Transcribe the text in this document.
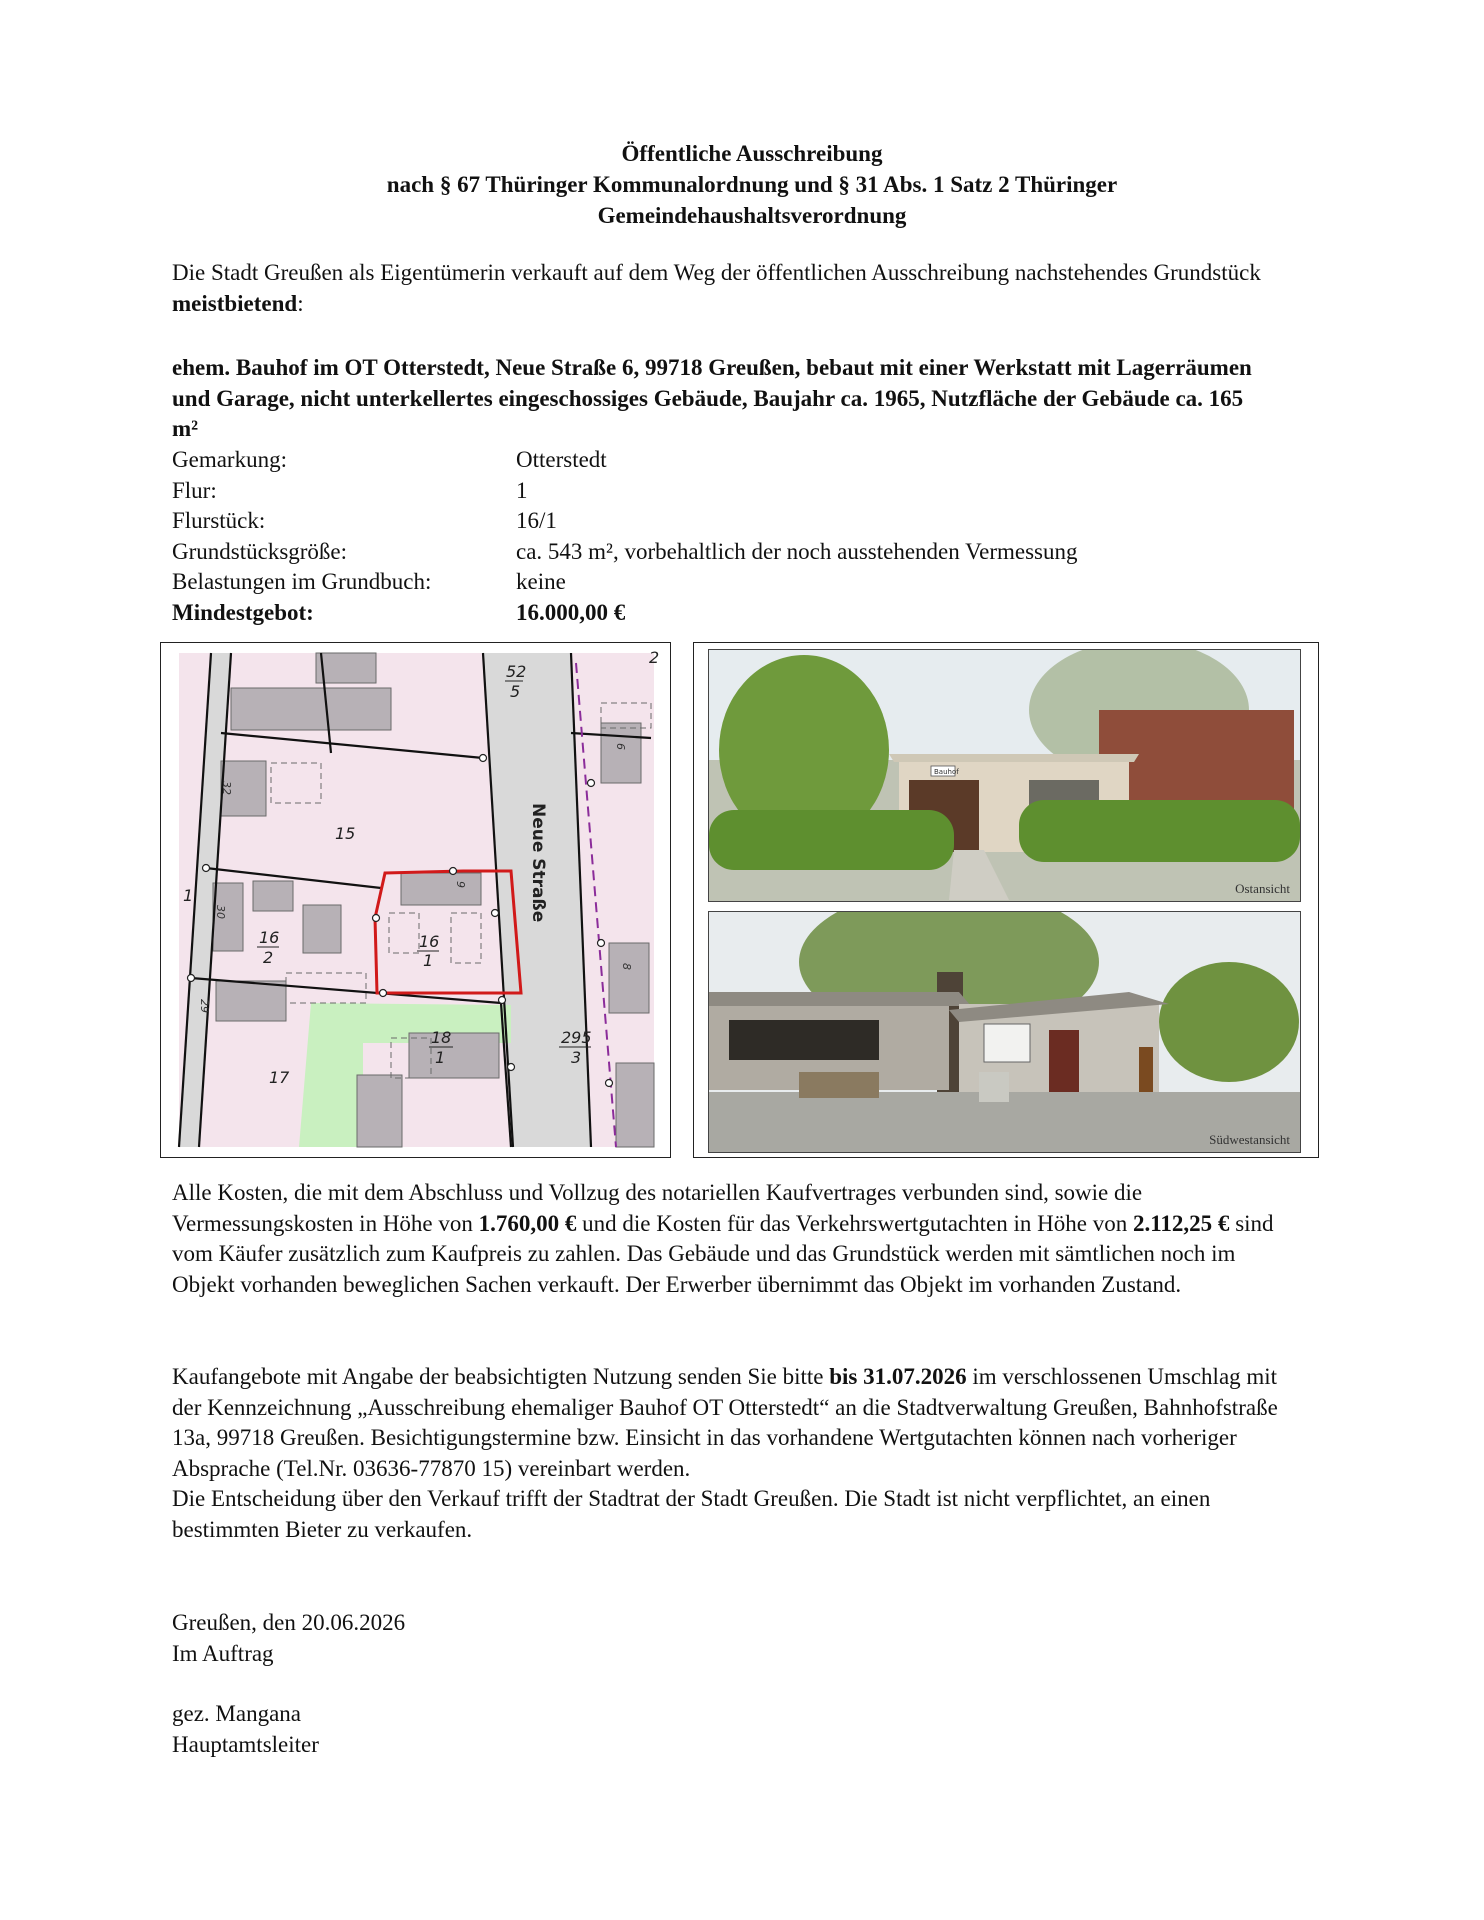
Öffentliche Ausschreibung
nach § 67 Thüringer Kommunalordnung und § 31 Abs. 1 Satz 2 Thüringer
Gemeindehaushaltsverordnung
Die Stadt Greußen als Eigentümerin verkauft auf dem Weg der öffentlichen Ausschreibung nachstehendes Grundstück meistbietend:
ehem. Bauhof im OT Otterstedt, Neue Straße 6, 99718 Greußen, bebaut mit einer Werkstatt mit Lagerräumen und Garage, nicht unterkellertes eingeschossiges Gebäude, Baujahr ca. 1965, Nutzfläche der Gebäude ca. 165 m²
Gemarkung:	Otterstedt
Flur:	1
Flurstück:	16/1
Grundstücksgröße:	ca. 543 m², vorbehaltlich der noch ausstehenden Vermessung
Belastungen im Grundbuch:	keine
Mindestgebot:	16.000,00 €
Neue Straße
52
5
2
15
1
16
2
16
1
17
18
1
295
3
32
30
9
6
8
29
Bauhof
Ostansicht
Südwestansicht
Alle Kosten, die mit dem Abschluss und Vollzug des notariellen Kaufvertrages verbunden sind, sowie die Vermessungskosten in Höhe von 1.760,00 € und die Kosten für das Verkehrswertgutachten in Höhe von 2.112,25 € sind vom Käufer zusätzlich zum Kaufpreis zu zahlen. Das Gebäude und das Grundstück werden mit sämtlichen noch im Objekt vorhanden beweglichen Sachen verkauft. Der Erwerber übernimmt das Objekt im vorhanden Zustand.
Kaufangebote mit Angabe der beabsichtigten Nutzung senden Sie bitte bis 31.07.2026 im verschlossenen Umschlag mit der Kennzeichnung „Ausschreibung ehemaliger Bauhof OT Otterstedt“ an die Stadtverwaltung Greußen, Bahnhofstraße 13a, 99718 Greußen. Besichtigungstermine bzw. Einsicht in das vorhandene Wertgutachten können nach vorheriger Absprache (Tel.Nr. 03636-77870 15) vereinbart werden.
Die Entscheidung über den Verkauf trifft der Stadtrat der Stadt Greußen. Die Stadt ist nicht verpflichtet, an einen bestimmten Bieter zu verkaufen.
Greußen, den 20.06.2026
Im Auftrag
gez. Mangana
Hauptamtsleiter
